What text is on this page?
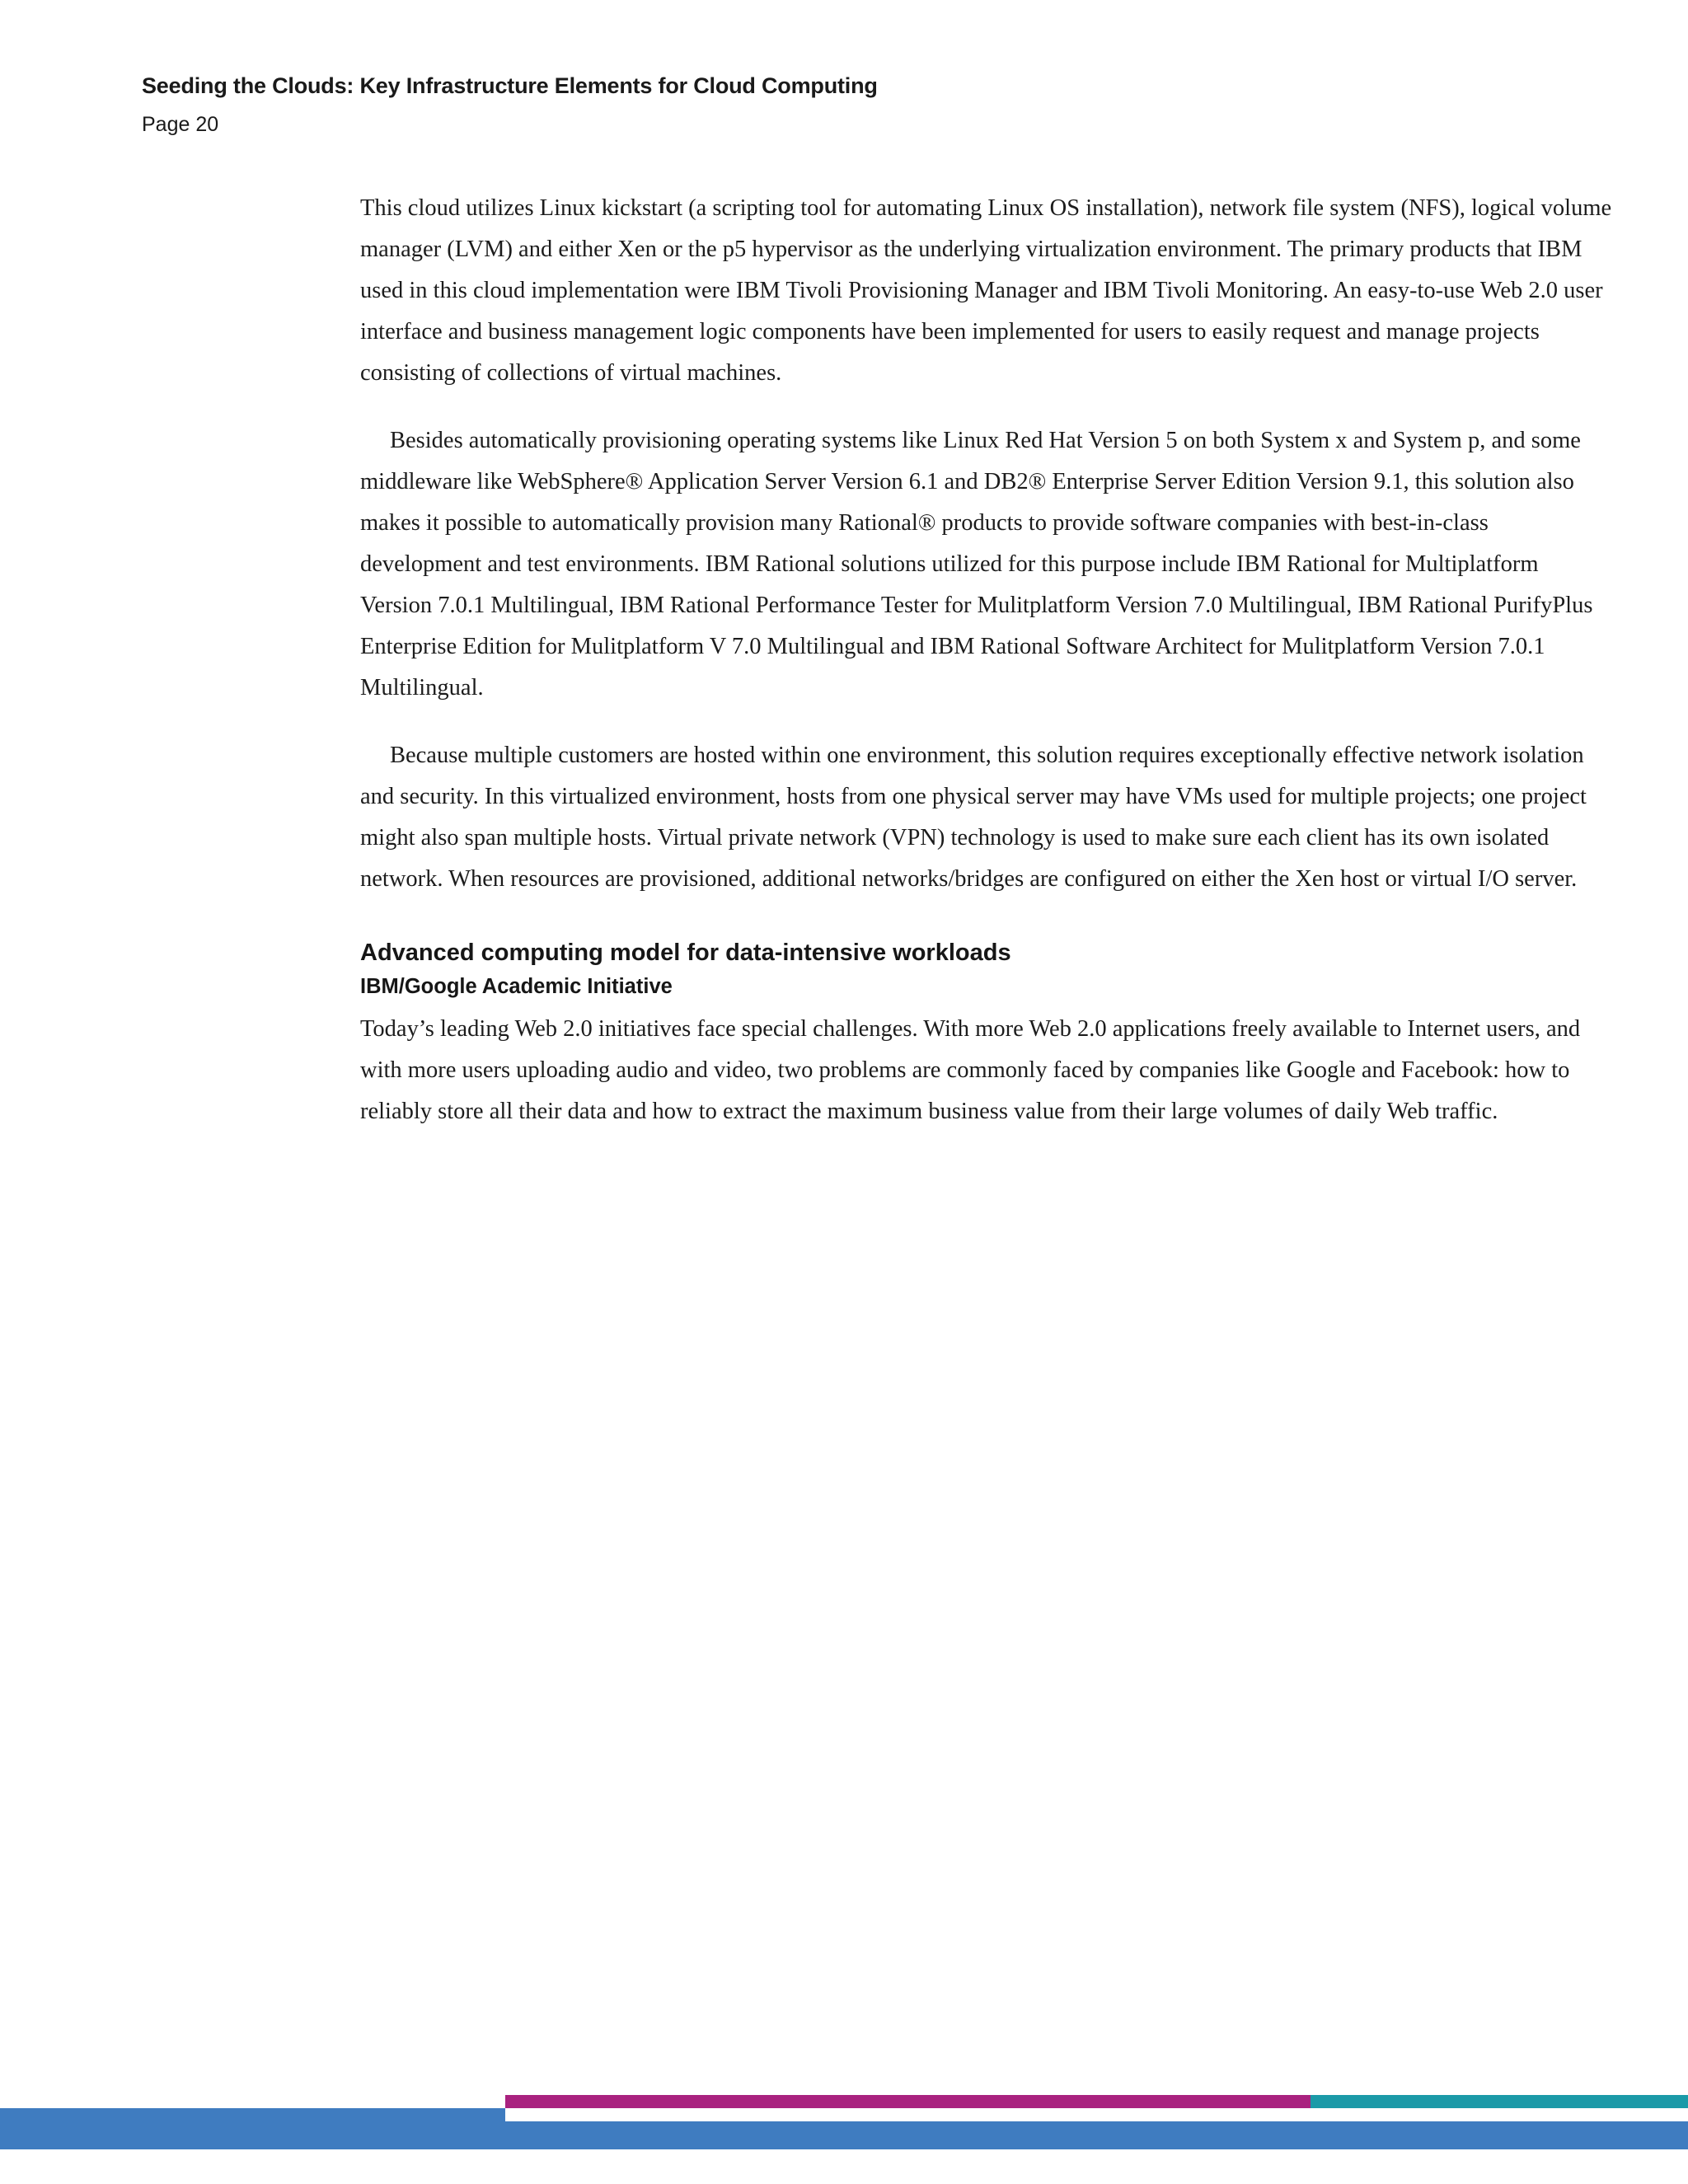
Seeding the Clouds: Key Infrastructure Elements for Cloud Computing
Page 20

This cloud utilizes Linux kickstart (a scripting tool for automating Linux OS installation), network file system (NFS), logical volume manager (LVM) and either Xen or the p5 hypervisor as the underlying virtualization environment. The primary products that IBM used in this cloud implementation were IBM Tivoli Provisioning Manager and IBM Tivoli Monitoring. An easy-to-use Web 2.0 user interface and business management logic components have been implemented for users to easily request and manage projects consisting of collections of virtual machines.

Besides automatically provisioning operating systems like Linux Red Hat Version 5 on both System x and System p, and some middleware like WebSphere® Application Server Version 6.1 and DB2® Enterprise Server Edition Version 9.1, this solution also makes it possible to automatically provision many Rational® products to provide software companies with best-in-class development and test environments. IBM Rational solutions utilized for this purpose include IBM Rational for Multiplatform Version 7.0.1 Multilingual, IBM Rational Performance Tester for Mulitplatform Version 7.0 Multilingual, IBM Rational PurifyPlus Enterprise Edition for Mulitplatform V 7.0 Multilingual and IBM Rational Software Architect for Mulitplatform Version 7.0.1 Multilingual.

Because multiple customers are hosted within one environment, this solution requires exceptionally effective network isolation and security. In this virtualized environment, hosts from one physical server may have VMs used for multiple projects; one project might also span multiple hosts. Virtual private network (VPN) technology is used to make sure each client has its own isolated network. When resources are provisioned, additional networks/bridges are configured on either the Xen host or virtual I/O server.

Advanced computing model for data-intensive workloads
IBM/Google Academic Initiative

Today’s leading Web 2.0 initiatives face special challenges. With more Web 2.0 applications freely available to Internet users, and with more users uploading audio and video, two problems are commonly faced by companies like Google and Facebook: how to reliably store all their data and how to extract the maximum business value from their large volumes of daily Web traffic.
